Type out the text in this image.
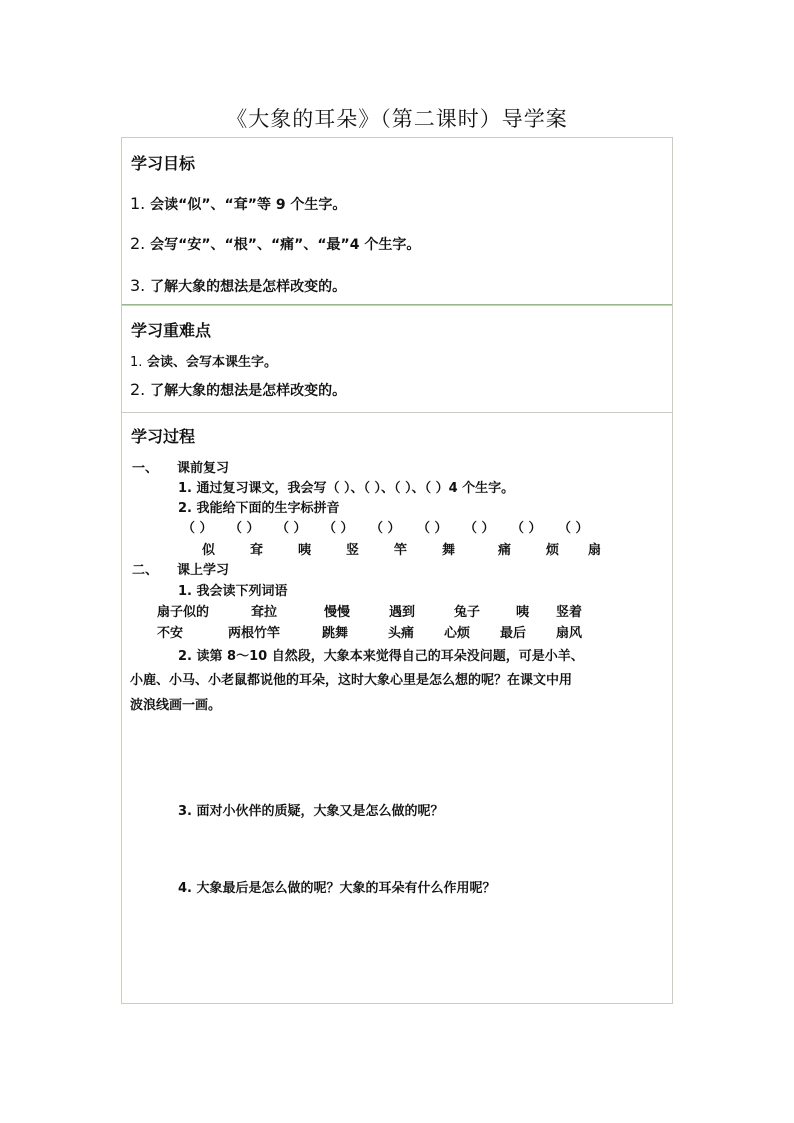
《大象的耳朵》（第二课时）导学案
学习目标
1. 会读“似”、“耷”等 9 个生字。
2. 会写“安”、“根”、“痛”、“最”4 个生字。
3. 了解大象的想法是怎样改变的。
学习重难点
1. 会读、会写本课生字。
2. 了解大象的想法是怎样改变的。
学习过程
一、 课前复习
1. 通过复习课文，我会写（ ）、（ ）、（ ）、（ ）4 个生字。
2. 我能给下面的生字标拼音
（ ） （ ） （ ） （ ） （ ） （ ） （ ） （ ） （ ）
似	耷	咦	竖	竿	舞	痛	烦 扇
二、 课上学习
1. 我会读下列词语
扇子似的	耷拉	慢慢	遇到	兔子	咦 竖着
不安	两根竹竿	跳舞	头痛 心烦 最后 扇风
2. 读第 8～10 自然段，大象本来觉得自己的耳朵没问题，可是小羊、
小鹿、小马、小老鼠都说他的耳朵，这时大象心里是怎么想的呢？在课文中用
波浪线画一画。
3. 面对小伙伴的质疑，大象又是怎么做的呢？
4. 大象最后是怎么做的呢？大象的耳朵有什么作用呢？
